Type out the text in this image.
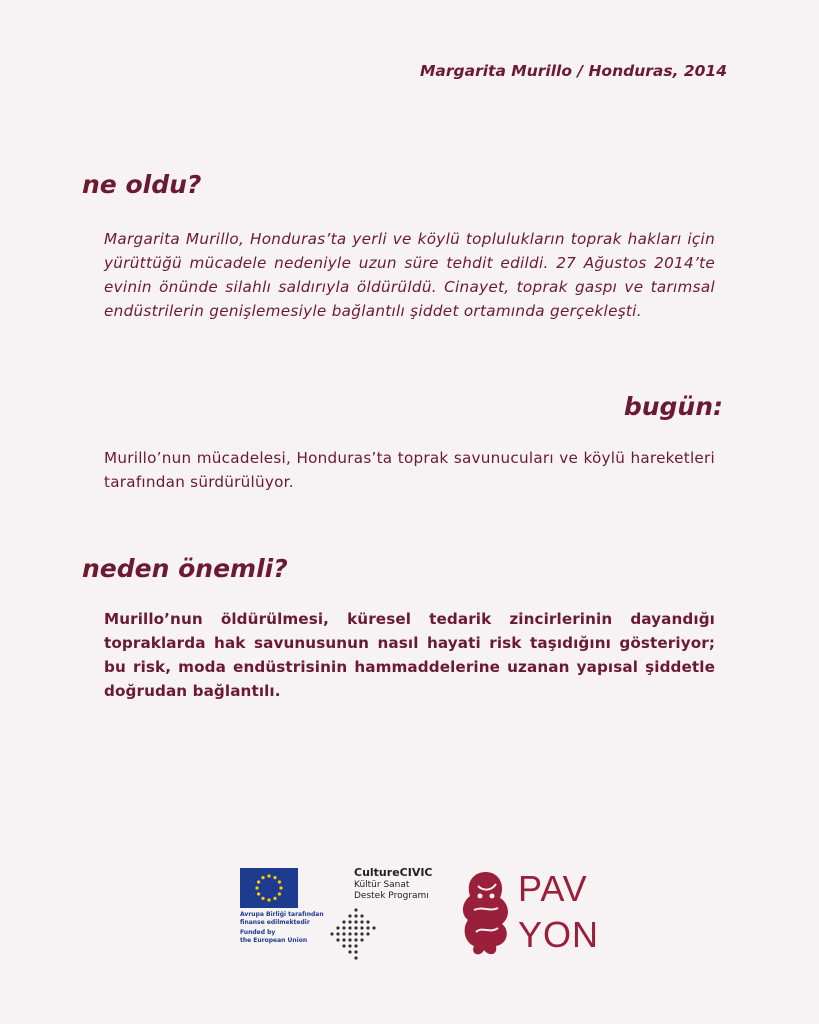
Margarita Murillo / Honduras, 2014
ne oldu?

Margarita Murillo, Honduras’ta yerli ve köylü toplulukların toprak hakları için yürüttüğü mücadele nedeniyle uzun süre tehdit edildi. 27 Ağustos 2014’te evinin önünde silahlı saldırıyla öldürüldü. Cinayet, toprak gaspı ve tarımsal endüstrilerin genişlemesiyle bağlantılı şiddet ortamında gerçekleşti.

bugün:

Murillo’nun mücadelesi, Honduras’ta toprak savunucuları ve köylü hareketleri tarafından sürdürülüyor.

neden önemli?

Murillo’nun öldürülmesi, küresel tedarik zincirlerinin dayandığı topraklarda hak savunusunun nasıl hayati risk taşıdığını gösteriyor; bu risk, moda endüstrisinin hammaddelerine uzanan yapısal şiddetle doğrudan bağlantılı.

Avrupa Birliği tarafından
finanse edilmektedir
Funded by
the European Union
CultureCIVIC
Kültür Sanat
Destek Programı PAV
YON
